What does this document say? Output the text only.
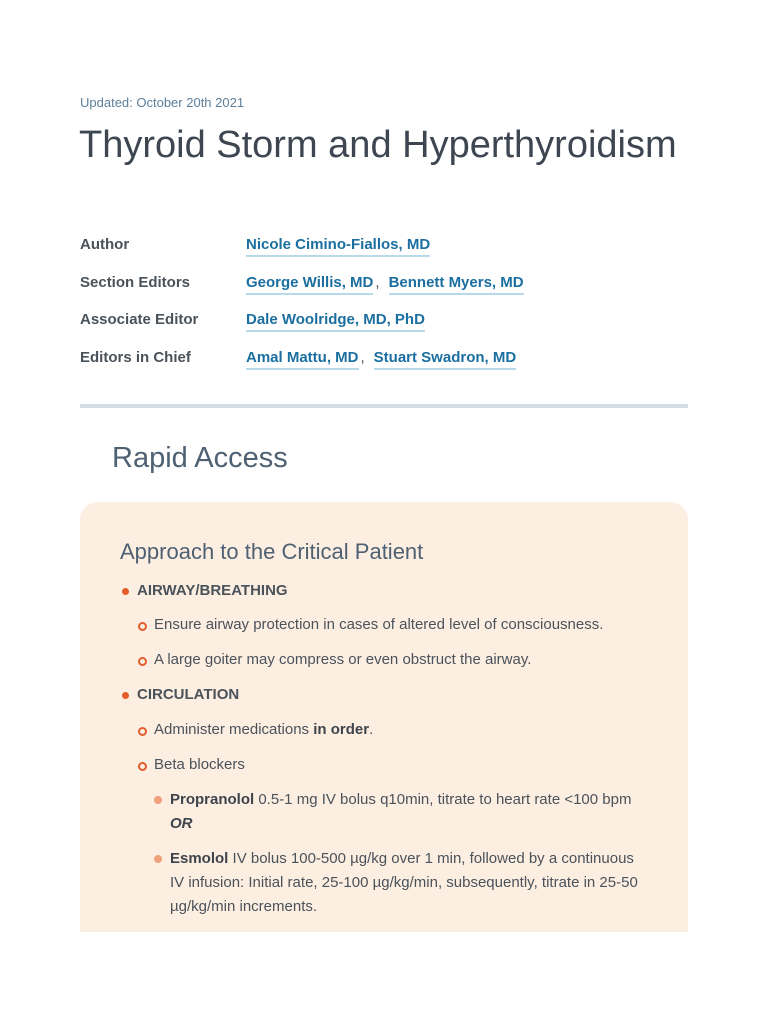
Updated: October 20th 2021
Thyroid Storm and Hyperthyroidism
Author	Nicole Cimino-Fiallos, MD
Section Editors	George Willis, MD , Bennett Myers, MD
Associate Editor	Dale Woolridge, MD, PhD
Editors in Chief	Amal Mattu, MD , Stuart Swadron, MD
Rapid Access
Approach to the Critical Patient
AIRWAY/BREATHING
Ensure airway protection in cases of altered level of consciousness.
A large goiter may compress or even obstruct the airway.
CIRCULATION
Administer medications in order.
Beta blockers
Propranolol 0.5-1 mg IV bolus q10min, titrate to heart rate <100 bpm OR
Esmolol IV bolus 100-500 µg/kg over 1 min, followed by a continuous IV infusion: Initial rate, 25-100 µg/kg/min, subsequently, titrate in 25-50 µg/kg/min increments.
